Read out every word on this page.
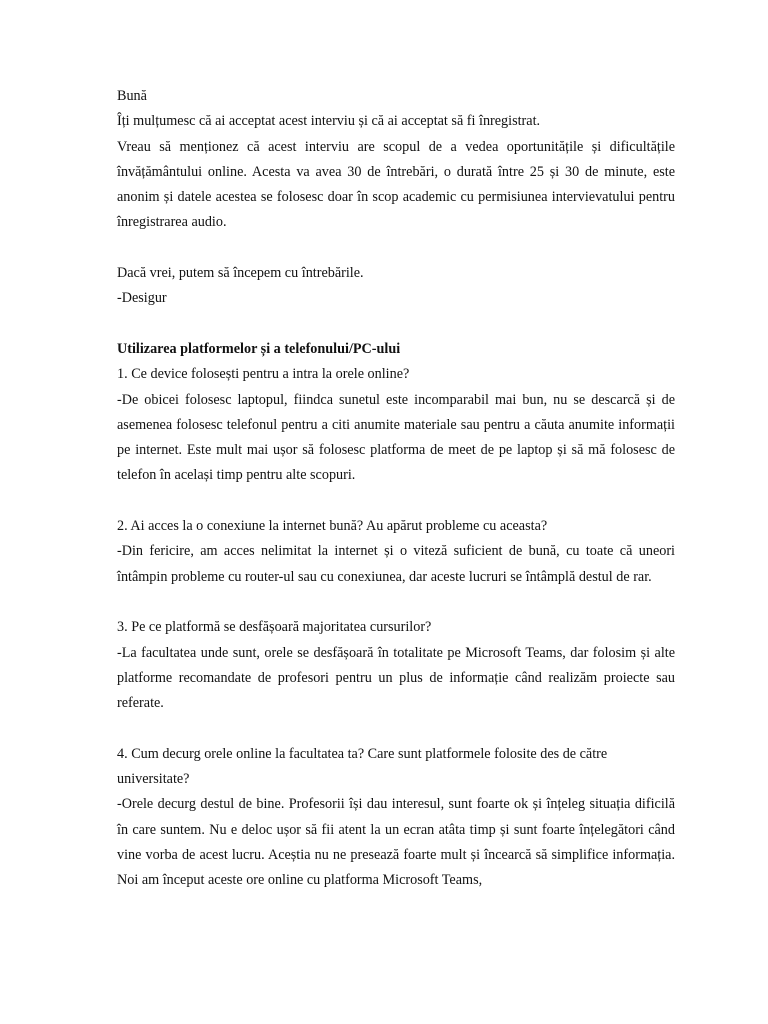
Bună

Îți mulțumesc că ai acceptat acest interviu și că ai acceptat să fi înregistrat.

Vreau să menționez că acest interviu are scopul de a vedea oportunitățile și dificultățile învățământului online. Acesta va avea 30 de întrebări, o durată între 25 și 30 de minute, este anonim și datele acestea se folosesc doar în scop academic cu permisiunea intervievatului pentru înregistrarea audio.

Dacă vrei, putem să începem cu întrebările.

-Desigur

Utilizarea platformelor și a telefonului/PC-ului

1. Ce device folosești pentru a intra la orele online?

-De obicei folosesc laptopul, fiindca sunetul este incomparabil mai bun, nu se descarcă și de asemenea folosesc telefonul pentru a citi anumite materiale sau pentru a căuta anumite informații pe internet. Este mult mai ușor să folosesc platforma de meet de pe laptop și să mă folosesc de telefon în același timp pentru alte scopuri.

2. Ai acces la o conexiune la internet bună? Au apărut probleme cu aceasta?

-Din fericire, am acces nelimitat la internet și o viteză suficient de bună, cu toate că uneori întâmpin probleme cu router-ul sau cu conexiunea, dar aceste lucruri se întâmplă destul de rar.

3. Pe ce platformă se desfășoară majoritatea cursurilor?

-La facultatea unde sunt, orele se desfășoară în totalitate pe Microsoft Teams, dar folosim și alte platforme recomandate de profesori pentru un plus de informație când realizăm proiecte sau referate.

4. Cum decurg orele online la facultatea ta? Care sunt platformele folosite des de către universitate?

-Orele decurg destul de bine. Profesorii își dau interesul, sunt foarte ok și înțeleg situația dificilă în care suntem. Nu e deloc ușor să fii atent la un ecran atâta timp și sunt foarte înțelegători când vine vorba de acest lucru. Aceștia nu ne presează foarte mult și încearcă să simplifice informația. Noi am început aceste ore online cu platforma Microsoft Teams,
